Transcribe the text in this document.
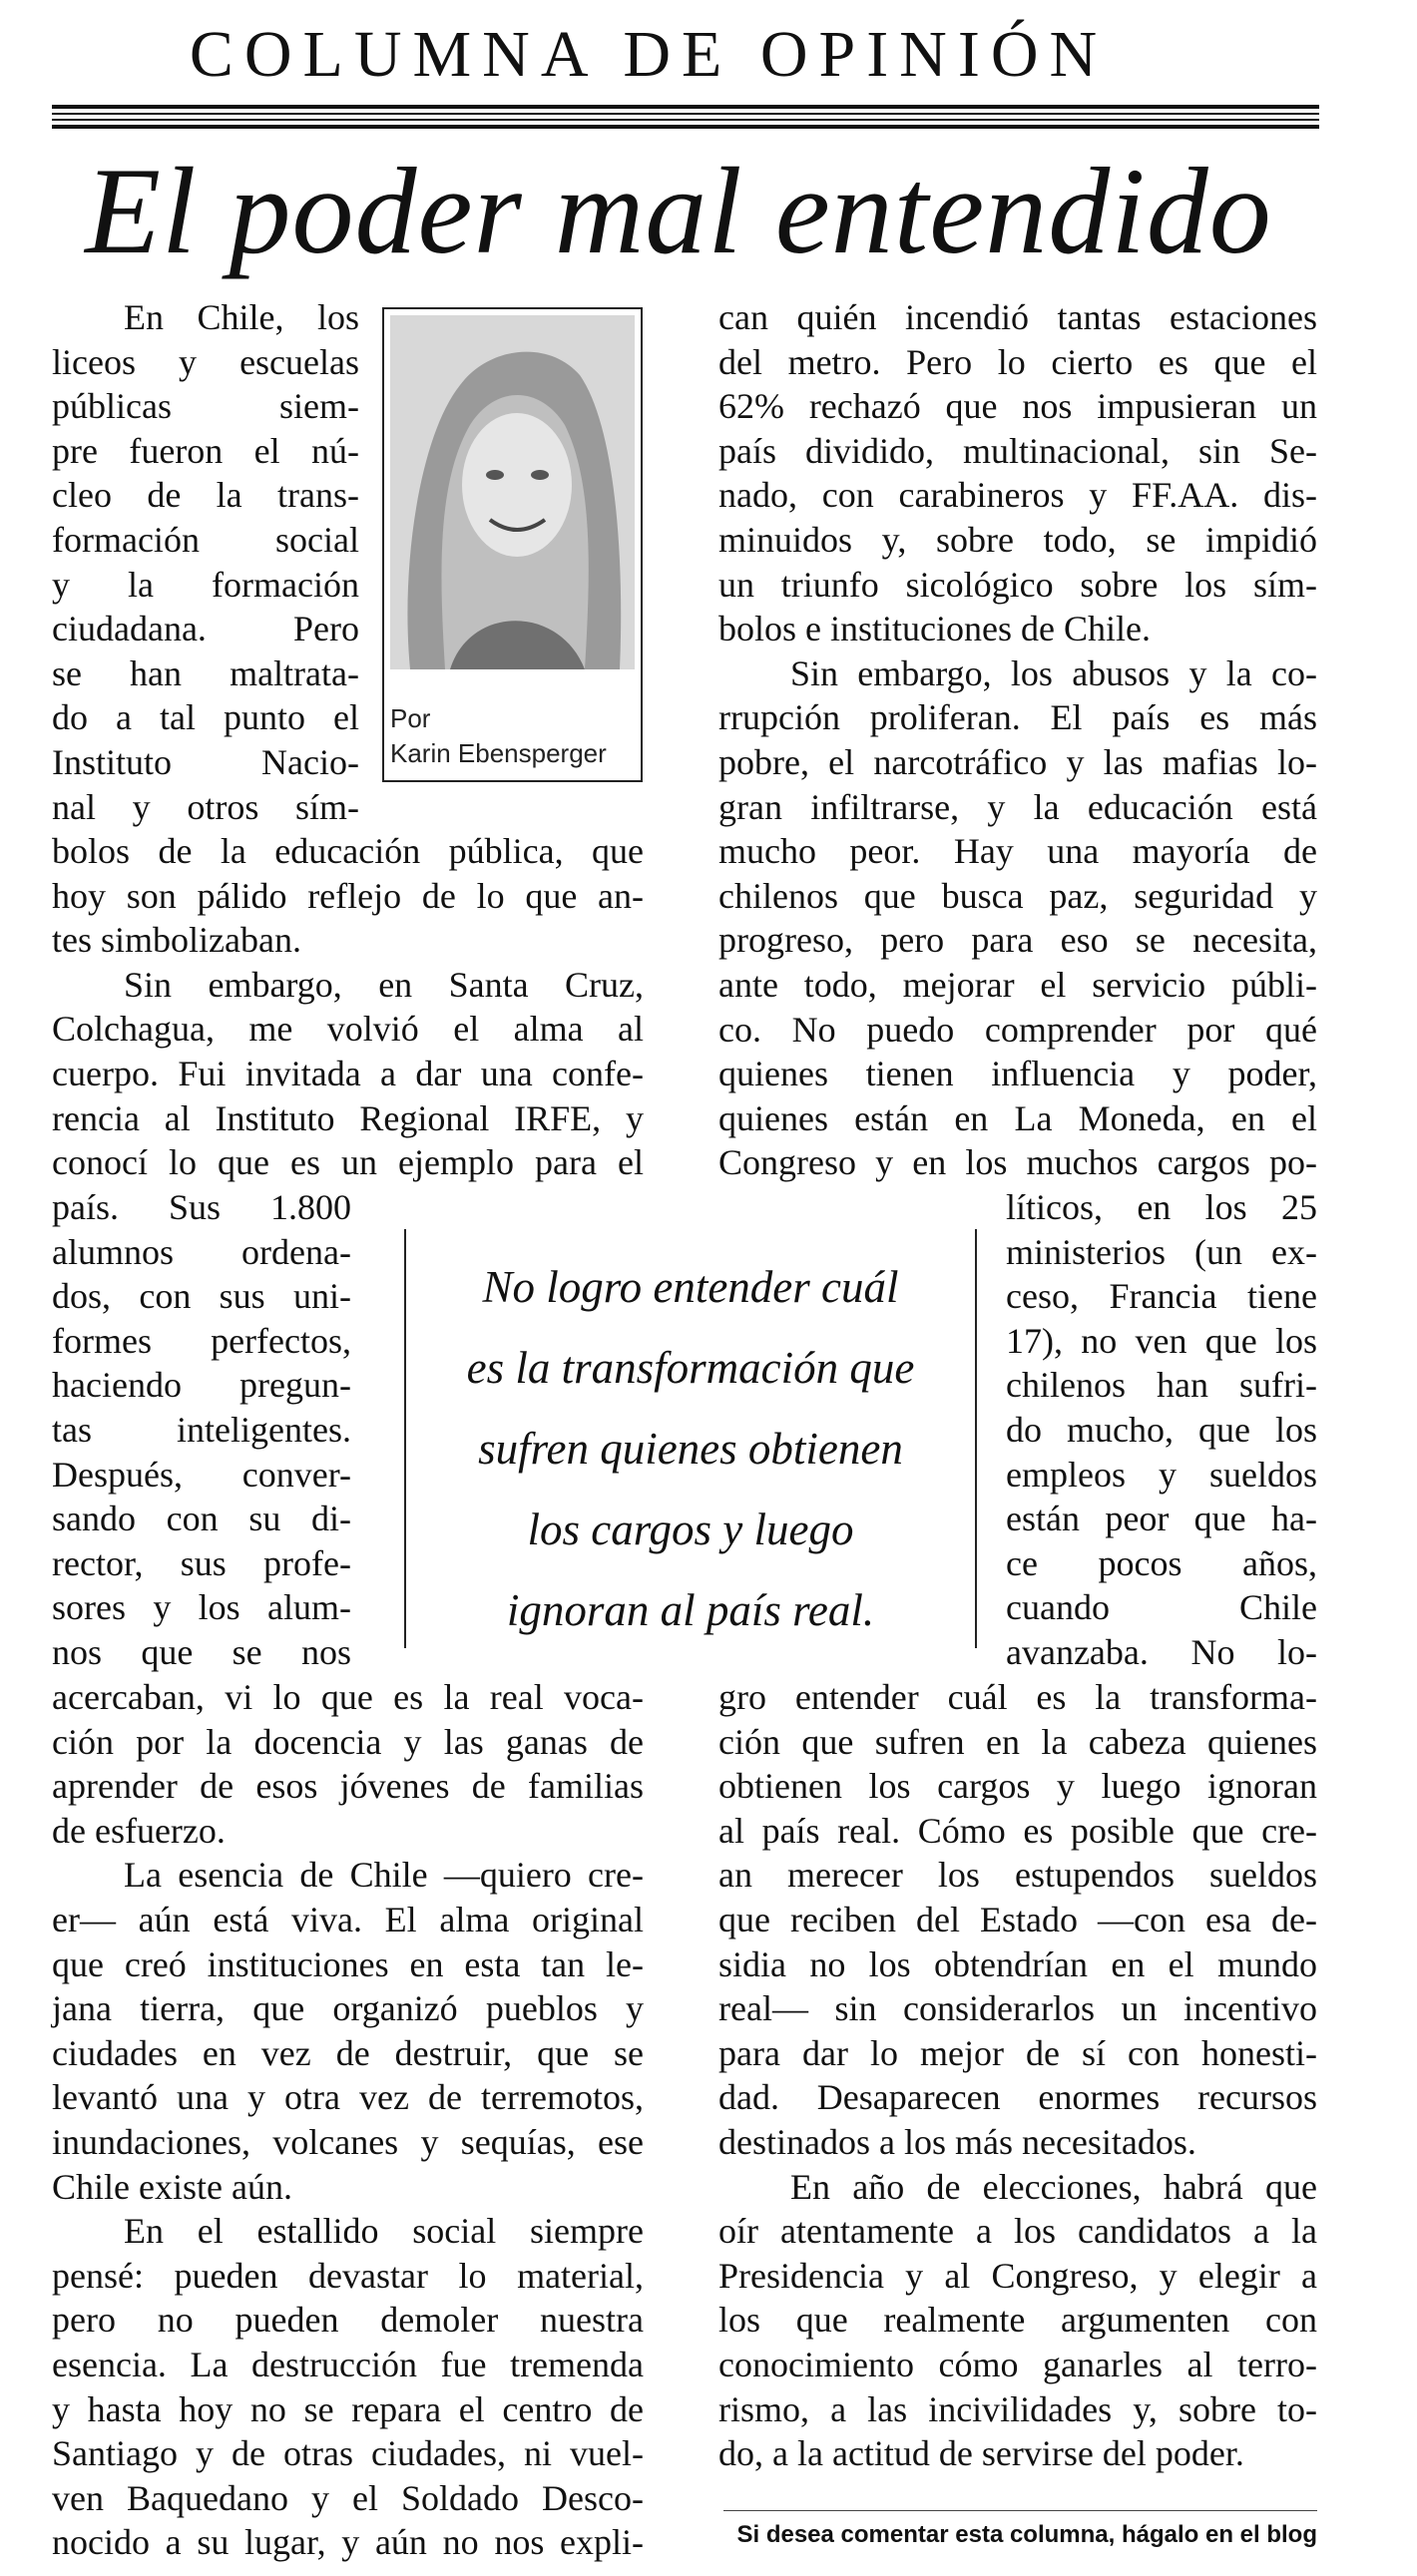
COLUMNA DE OPINIÓN
El poder mal entendido
Por
Karin Ebensperger
En Chile, los
liceos y escuelas
públicas siem-
pre fueron el nú-
cleo de la trans-
formación social
y la formación
ciudadana. Pero
se han maltrata-
do a tal punto el
Instituto Nacio-
nal y otros sím-
bolos de la educación pública, que
hoy son pálido reflejo de lo que an-
tes simbolizaban.
Sin embargo, en Santa Cruz,
Colchagua, me volvió el alma al
cuerpo. Fui invitada a dar una confe-
rencia al Instituto Regional IRFE, y
conocí lo que es un ejemplo para el
país. Sus 1.800
alumnos ordena-
dos, con sus uni-
formes perfectos,
haciendo pregun-
tas inteligentes.
Después, conver-
sando con su di-
rector, sus profe-
sores y los alum-
nos que se nos
No logro entender cuál
es la transformación que
sufren quienes obtienen
los cargos y luego
ignoran al país real.
acercaban, vi lo que es la real voca-
ción por la docencia y las ganas de
aprender de esos jóvenes de familias
de esfuerzo.
La esencia de Chile —quiero cre-
er— aún está viva. El alma original
que creó instituciones en esta tan le-
jana tierra, que organizó pueblos y
ciudades en vez de destruir, que se
levantó una y otra vez de terremotos,
inundaciones, volcanes y sequías, ese
Chile existe aún.
En el estallido social siempre
pensé: pueden devastar lo material,
pero no pueden demoler nuestra
esencia. La destrucción fue tremenda
y hasta hoy no se repara el centro de
Santiago y de otras ciudades, ni vuel-
ven Baquedano y el Soldado Desco-
nocido a su lugar, y aún no nos expli-
can quién incendió tantas estaciones
del metro. Pero lo cierto es que el
62% rechazó que nos impusieran un
país dividido, multinacional, sin Se-
nado, con carabineros y FF.AA. dis-
minuidos y, sobre todo, se impidió
un triunfo sicológico sobre los sím-
bolos e instituciones de Chile.
Sin embargo, los abusos y la co-
rrupción proliferan. El país es más
pobre, el narcotráfico y las mafias lo-
gran infiltrarse, y la educación está
mucho peor. Hay una mayoría de
chilenos que busca paz, seguridad y
progreso, pero para eso se necesita,
ante todo, mejorar el servicio públi-
co. No puedo comprender por qué
quienes tienen influencia y poder,
quienes están en La Moneda, en el
Congreso y en los muchos cargos po-
líticos, en los 25
ministerios (un ex-
ceso, Francia tiene
17), no ven que los
chilenos han sufri-
do mucho, que los
empleos y sueldos
están peor que ha-
ce pocos años,
cuando Chile
avanzaba. No lo-
gro entender cuál es la transforma-
ción que sufren en la cabeza quienes
obtienen los cargos y luego ignoran
al país real. Cómo es posible que cre-
an merecer los estupendos sueldos
que reciben del Estado —con esa de-
sidia no los obtendrían en el mundo
real— sin considerarlos un incentivo
para dar lo mejor de sí con honesti-
dad. Desaparecen enormes recursos
destinados a los más necesitados.
En año de elecciones, habrá que
oír atentamente a los candidatos a la
Presidencia y al Congreso, y elegir a
los que realmente argumenten con
conocimiento cómo ganarles al terro-
rismo, a las incivilidades y, sobre to-
do, a la actitud de servirse del poder.
Si desea comentar esta columna, hágalo en el blog
